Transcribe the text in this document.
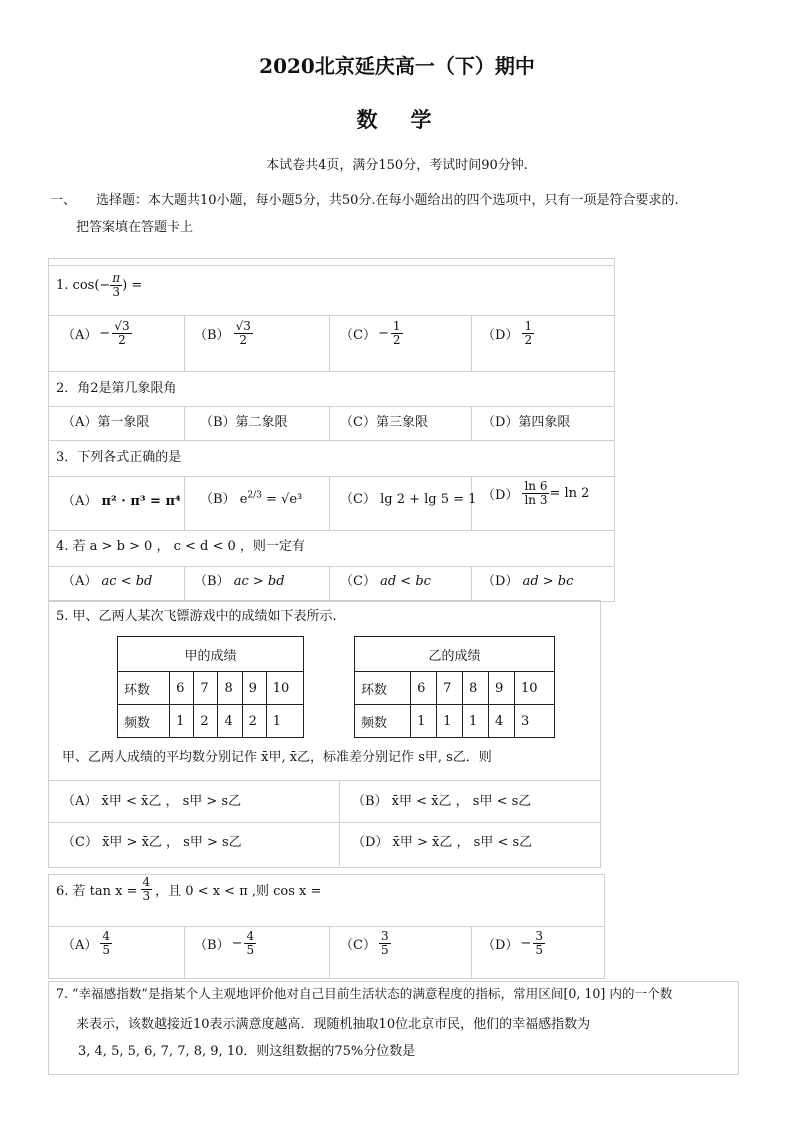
2020北京延庆高一（下）期中
数　学
本试卷共4页，满分150分，考试时间90分钟.
一、 选择题：本大题共10小题，每小题5分，共50分.在每小题给出的四个选项中，只有一项是符合要求的.
把答案填在答题卡上
1. $\cos(- \frac{\pi}{3}$ ) =
$(A) - \frac{√3}{2}$	$(B) \frac{√3}{2}$	$(C) - \frac{1}{2}$	$(D) \frac{1}{2}$
2．角2是第几象限角
（A）第一象限	（B）第二象限	（C）第三象限	（D）第四象限
3．下列各式正确的是
（A） π² · π³ = π⁴ （B） $e^{2/3} = √e^3$	（C） lg 2 + lg 5 = 1 $(D) \frac{\ln 6}{\ln 3} = \ln 2$
4. 若 a > b > 0 ， c < d < 0 ，则一定有
（A） ac < bd	（B） ac > bd	（C） ad < bc	（D） ad > bc
5. 甲、乙两人某次飞镖游戏中的成绩如下表所示.
甲的成绩					
环数	6	7	8	9	10
频数	1	2	4	2	1
乙的成绩					
环数	6	7	8	9	10
频数	1	1	1	4	3
甲、乙两人成绩的平均数分别记作 x̄甲, x̄乙，标准差分别记作 s甲, s乙．则
（A） x̄甲 < x̄乙 ， s甲 > s乙	（B） x̄甲 < x̄乙 ， s甲 < s乙
（C） x̄甲 > x̄乙 ， s甲 > s乙	（D） x̄甲 > x̄乙 ， s甲 < s乙
6. 若 $\tan x = \frac{4}{3}$ ，且 0 < x < π ,则 cos x =
$(A) \frac{4}{5}$	$(B) - \frac{4}{5}$	$(C) \frac{3}{5}$	$(D) - \frac{3}{5}$
7. “幸福感指数”是指某个人主观地评价他对自己目前生活状态的满意程度的指标，常用区间[0, 10] 内的一个数
来表示，该数越接近10表示满意度越高．现随机抽取10位北京市民，他们的幸福感指数为
3, 4, 5, 5, 6, 7, 7, 8, 9, 10．则这组数据的75%分位数是
